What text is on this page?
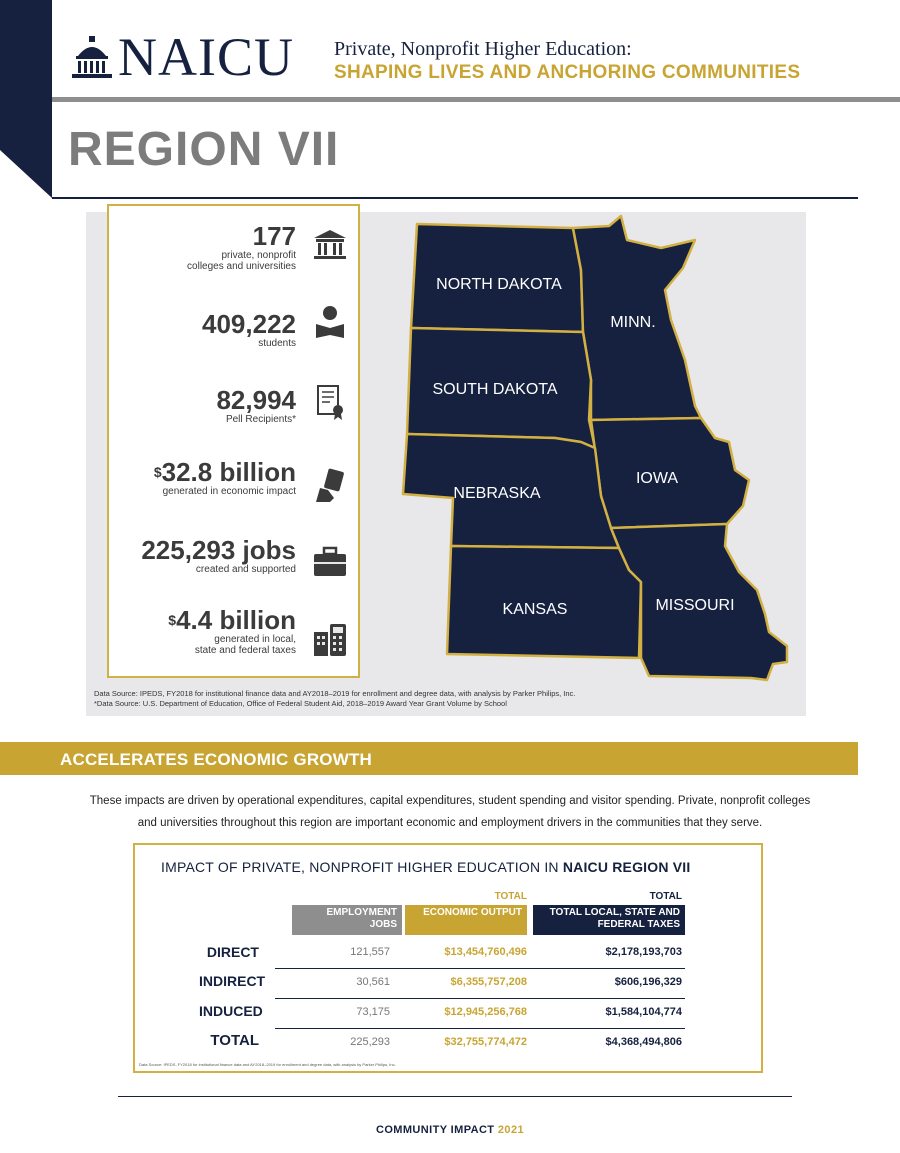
NAICU Private, Nonprofit Higher Education:
SHAPING LIVES AND ANCHORING COMMUNITIES
REGION VII
177
private, nonprofit
colleges and universities
409,222
students
82,994
Pell Recipients*
$32.8 billion
generated in economic impact
225,293 jobs
created and supported
$4.4 billion
generated in local,
state and federal taxes
NORTH DAKOTA
MINN.
SOUTH DAKOTA
IOWA
NEBRASKA
KANSAS	MISSOURI
Data Source: IPEDS, FY2018 for institutional finance data and AY2018–2019 for enrollment and degree data, with analysis by Parker Philips, Inc.
*Data Source: U.S. Department of Education, Office of Federal Student Aid, 2018–2019 Award Year Grant Volume by School
ACCELERATES ECONOMIC GROWTH
These impacts are driven by operational expenditures, capital expenditures, student spending and visitor spending. Private, nonprofit colleges and universities throughout this region are important economic and employment drivers in the communities that they serve.
IMPACT OF PRIVATE, NONPROFIT HIGHER EDUCATION IN NAICU REGION VII
TOTAL	TOTAL
EMPLOYMENT JOBS
ECONOMIC OUTPUT	TOTAL LOCAL, STATE AND FEDERAL TAXES
DIRECT	121,557	$13,454,760,496	$2,178,193,703
INDIRECT	30,561	$6,355,757,208	$606,196,329
INDUCED	73,175	$12,945,256,768	$1,584,104,774
TOTAL	225,293	$32,755,774,472	$4,368,494,806
Data Source: IPEDS, FY2018 for institutional finance data and AY2018–2019 for enrollment and degree data, with analysis by Parker Philips, Inc.
COMMUNITY IMPACT 2021
